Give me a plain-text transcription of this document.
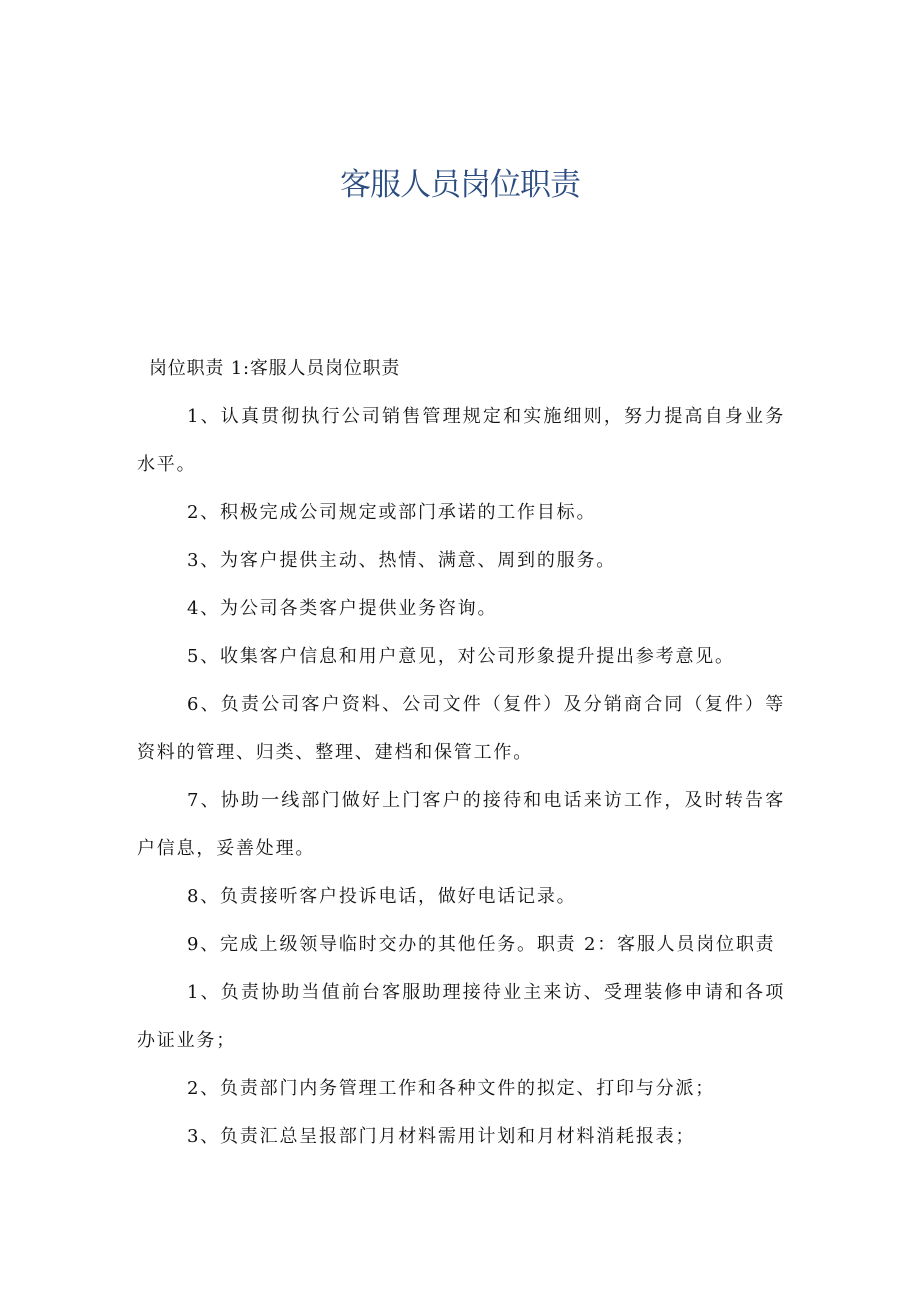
客服人员岗位职责

岗位职责 1:客服人员岗位职责

1、认真贯彻执行公司销售管理规定和实施细则，努力提高自身业务水平。

2、积极完成公司规定或部门承诺的工作目标。

3、为客户提供主动、热情、满意、周到的服务。

4、为公司各类客户提供业务咨询。

5、收集客户信息和用户意见，对公司形象提升提出参考意见。

6、负责公司客户资料、公司文件（复件）及分销商合同（复件）等资料的管理、归类、整理、建档和保管工作。

7、协助一线部门做好上门客户的接待和电话来访工作，及时转告客户信息，妥善处理。

8、负责接听客户投诉电话，做好电话记录。

9、完成上级领导临时交办的其他任务。职责 2：客服人员岗位职责

1、负责协助当值前台客服助理接待业主来访、受理装修申请和各项办证业务；

2、负责部门内务管理工作和各种文件的拟定、打印与分派；

3、负责汇总呈报部门月材料需用计划和月材料消耗报表；
